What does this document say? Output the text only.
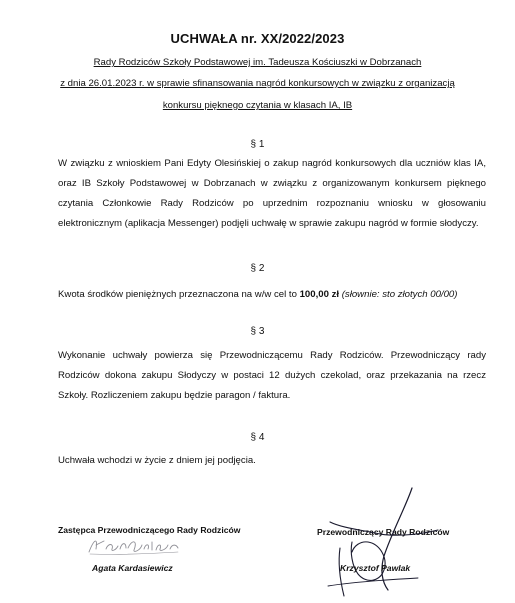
UCHWAŁA nr. XX/2022/2023
Rady Rodziców Szkoły Podstawowej im. Tadeusza Kościuszki w Dobrzanach
z dnia 26.01.2023 r. w sprawie sfinansowania nagród konkursowych w związku z organizacją
konkursu pięknego czytania w klasach IA, IB
§ 1
W związku z wnioskiem Pani Edyty Olesińskiej o zakup nagród konkursowych dla uczniów klas IA, oraz IB Szkoły Podstawowej w Dobrzanach w związku z organizowanym konkursem pięknego czytania Członkowie Rady Rodziców po uprzednim rozpoznaniu wniosku w głosowaniu elektronicznym (aplikacja Messenger) podjęli uchwałę w sprawie zakupu nagród w formie słodyczy.
§ 2
Kwota środków pieniężnych przeznaczona na w/w cel to 100,00 zł (słownie: sto złotych 00/00)
§ 3
Wykonanie uchwały powierza się Przewodniczącemu Rady Rodziców. Przewodniczący rady Rodziców dokona zakupu Słodyczy w postaci 12 dużych czekolad, oraz przekazania na rzecz Szkoły. Rozliczeniem zakupu będzie paragon / faktura.
§ 4
Uchwała wchodzi w życie z dniem jej podjęcia.
Zastępca Przewodniczącego Rady Rodziców
Agata Kardasiewicz
Przewodniczący Rady Rodziców
Krzysztof Pawlak
